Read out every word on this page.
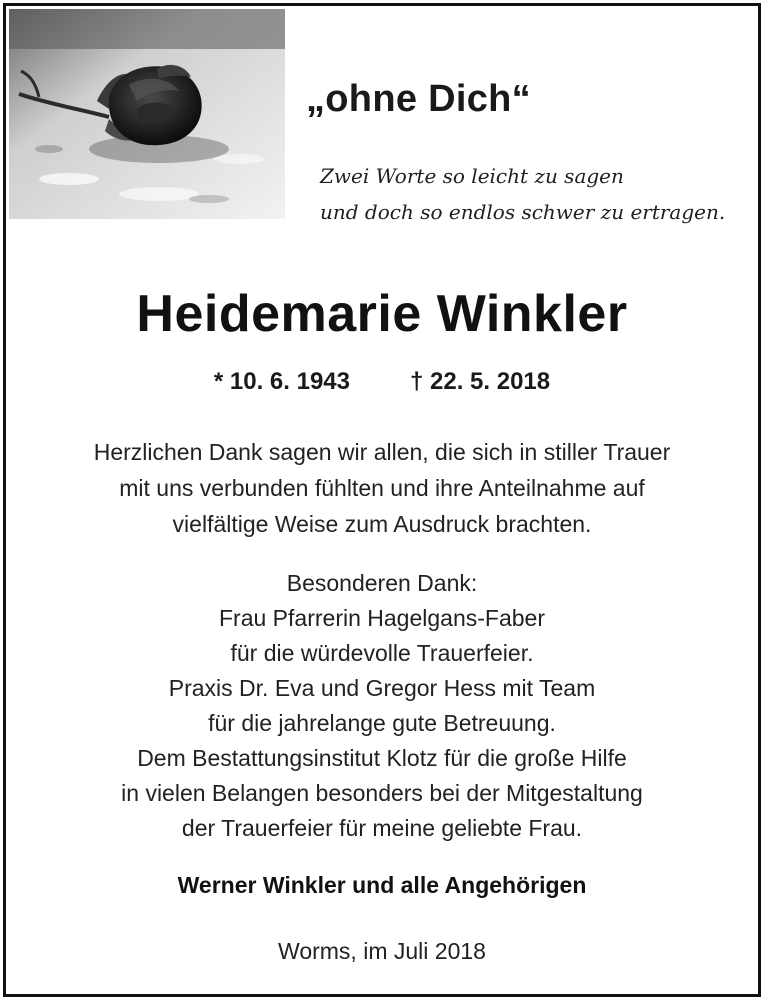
„ohne Dich“
Zwei Worte so leicht zu sagen
und doch so endlos schwer zu ertragen.
Heidemarie Winkler
* 10. 6. 1943	† 22. 5. 2018
Herzlichen Dank sagen wir allen, die sich in stiller Trauer
mit uns verbunden fühlten und ihre Anteilnahme auf
vielfältige Weise zum Ausdruck brachten.
Besonderen Dank:
Frau Pfarrerin Hagelgans-Faber
für die würdevolle Trauerfeier.
Praxis Dr. Eva und Gregor Hess mit Team
für die jahrelange gute Betreuung.
Dem Bestattungsinstitut Klotz für die große Hilfe
in vielen Belangen besonders bei der Mitgestaltung
der Trauerfeier für meine geliebte Frau.
Werner Winkler und alle Angehörigen
Worms, im Juli 2018
